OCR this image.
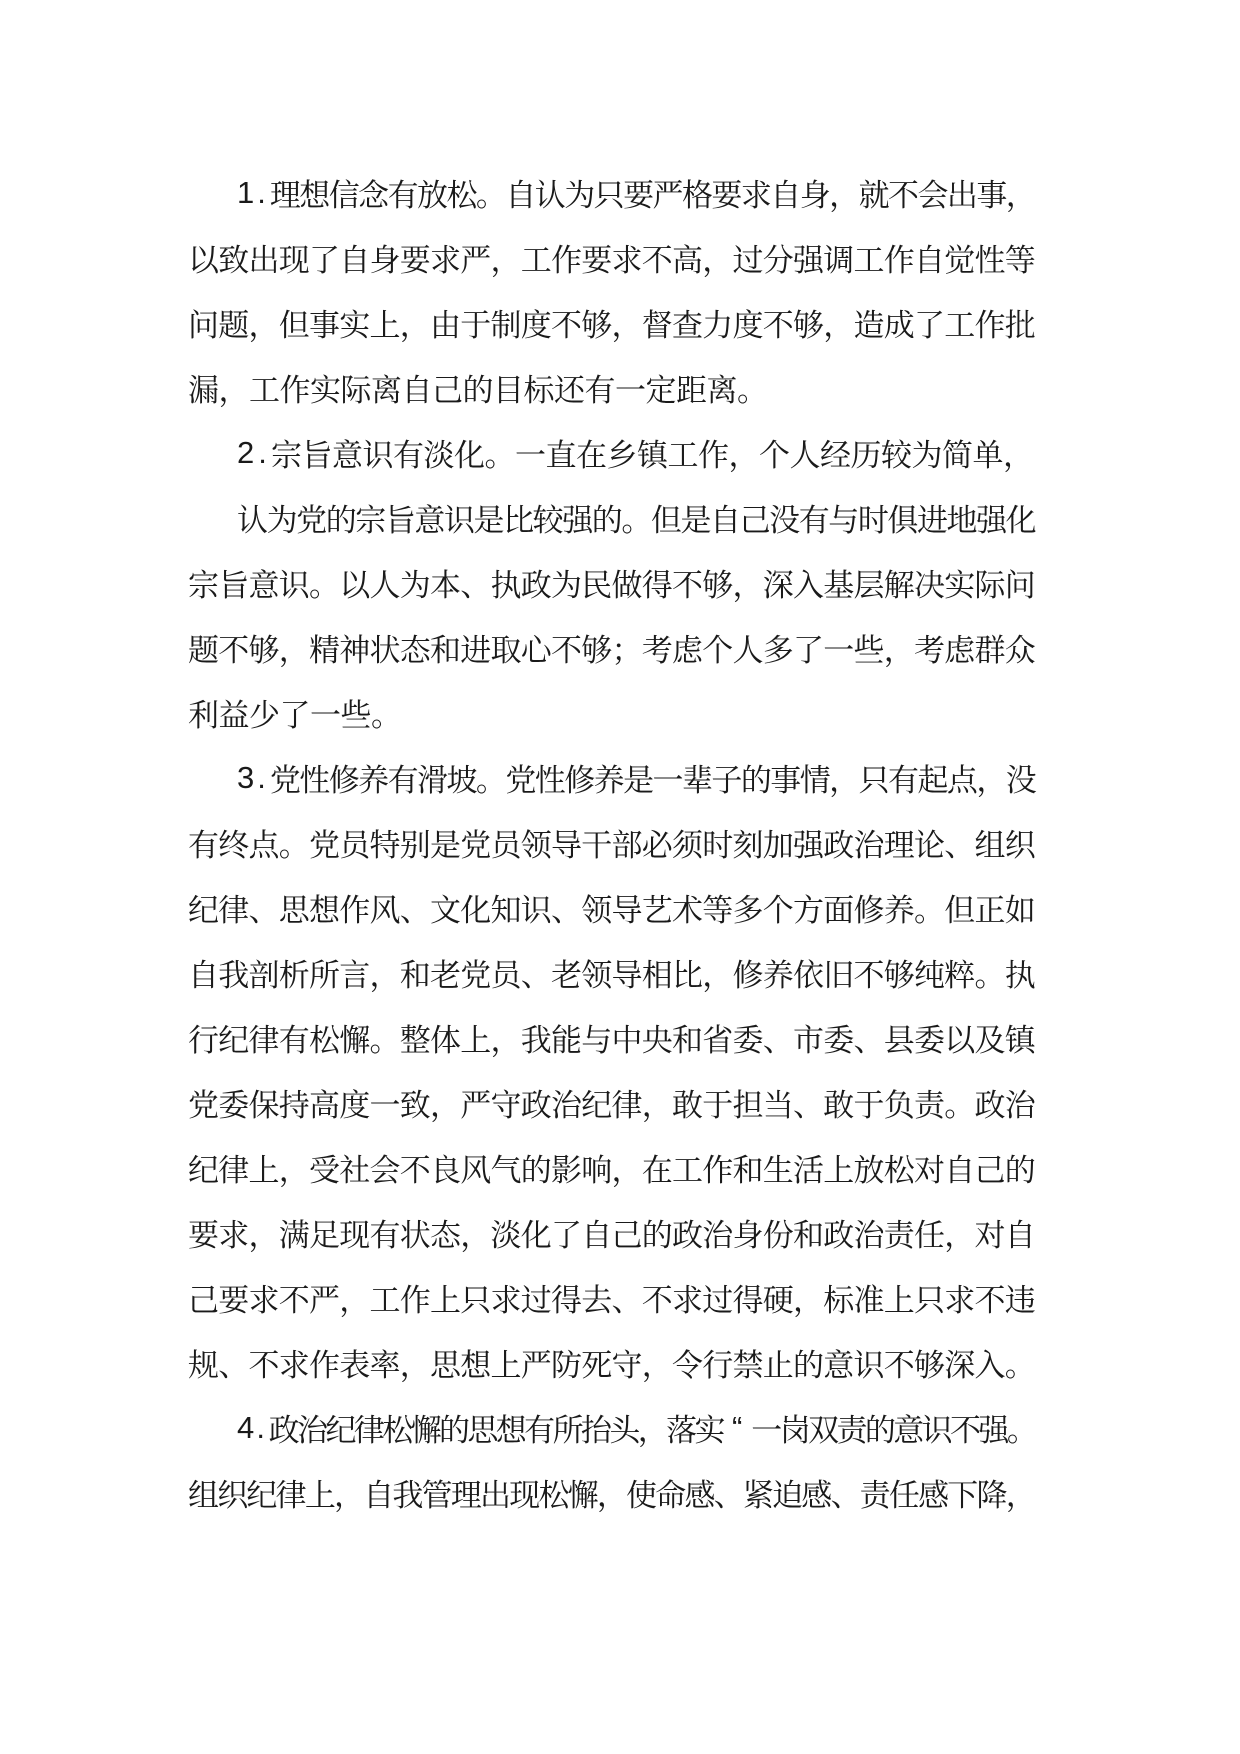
1 . 理
想
信
念
有
放
松
。
自
认
为
只
要
严
格
要
求
自
身
，
就
不
会
出
事
，
以 致 出 现 了 自 身 要 求 严 ， 工 作 要 求 不 高 ， 过 分 强 调 工 作 自 觉 性 等
问 题 ， 但 事 实 上 ， 由 于 制 度 不 够 ， 督 查 力 度 不 够 ， 造 成 了 工 作 批
漏 ， 工 作 实 际 离 自 己 的 目 标 还 有 一 定 距 离 。
2 . 宗 旨 意 识 有 淡 化 。 一 直 在 乡 镇 工 作 ， 个 人 经 历 较 为 简 单 ，
认
为
党
的
宗
旨
意
识
是
比
较
强
的
。
但
是
自
己
没
有
与
时
俱
进
地
强
化
宗 旨 意 识 。 以 人 为 本 、 执 政 为 民 做 得 不 够 ， 深 入 基 层 解 决 实 际 问
题 不 够 ， 精 神 状 态 和 进 取 心 不 够 ； 考 虑 个 人 多 了 一 些 ， 考 虑 群 众
利 益 少 了 一 些 。
3 . 党
性
修
养
有
滑
坡
。
党
性
修
养
是
一
辈
子
的
事
情
，
只
有
起
点
，
没
有 终 点 。 党 员 特 别 是 党 员 领 导 干 部 必 须 时 刻 加 强 政 治 理 论 、 组 织
纪 律 、 思 想 作 风 、 文 化 知 识 、 领 导 艺 术 等 多 个 方 面 修 养 。 但 正 如
自 我 剖 析 所 言 ， 和 老 党 员 、 老 领 导 相 比 ， 修 养 依 旧 不 够 纯 粹 。 执
行 纪 律 有 松 懈 。 整 体 上 ， 我 能 与 中 央 和 省 委 、 市 委 、 县 委 以 及 镇
党 委 保 持 高 度 一 致 ， 严 守 政 治 纪 律 ， 敢 于 担 当 、 敢 于 负 责 。 政 治
纪 律 上 ， 受 社 会 不 良 风 气 的 影 响 ， 在 工 作 和 生 活 上 放 松 对 自 己 的
要 求 ， 满 足 现 有 状 态 ， 淡 化 了 自 己 的 政 治 身 份 和 政 治 责 任 ， 对 自
己 要 求 不 严 ， 工 作 上 只 求 过 得 去 、 不 求 过 得 硬 ， 标 准 上 只 求 不 违
规 、 不 求 作 表 率 ， 思 想 上 严 防 死 守 ， 令 行 禁 止 的 意 识 不 够 深 入 。
4 . 政
治
纪
律
松
懈
的
思
想
有
所
抬
头
，
落
实 “ 一
岗
双
责
的
意
识
不
强
。
组
织
纪
律
上
，
自
我
管
理
出
现
松
懈
，
使
命
感
、
紧
迫
感
、
责
任
感
下
降
，
